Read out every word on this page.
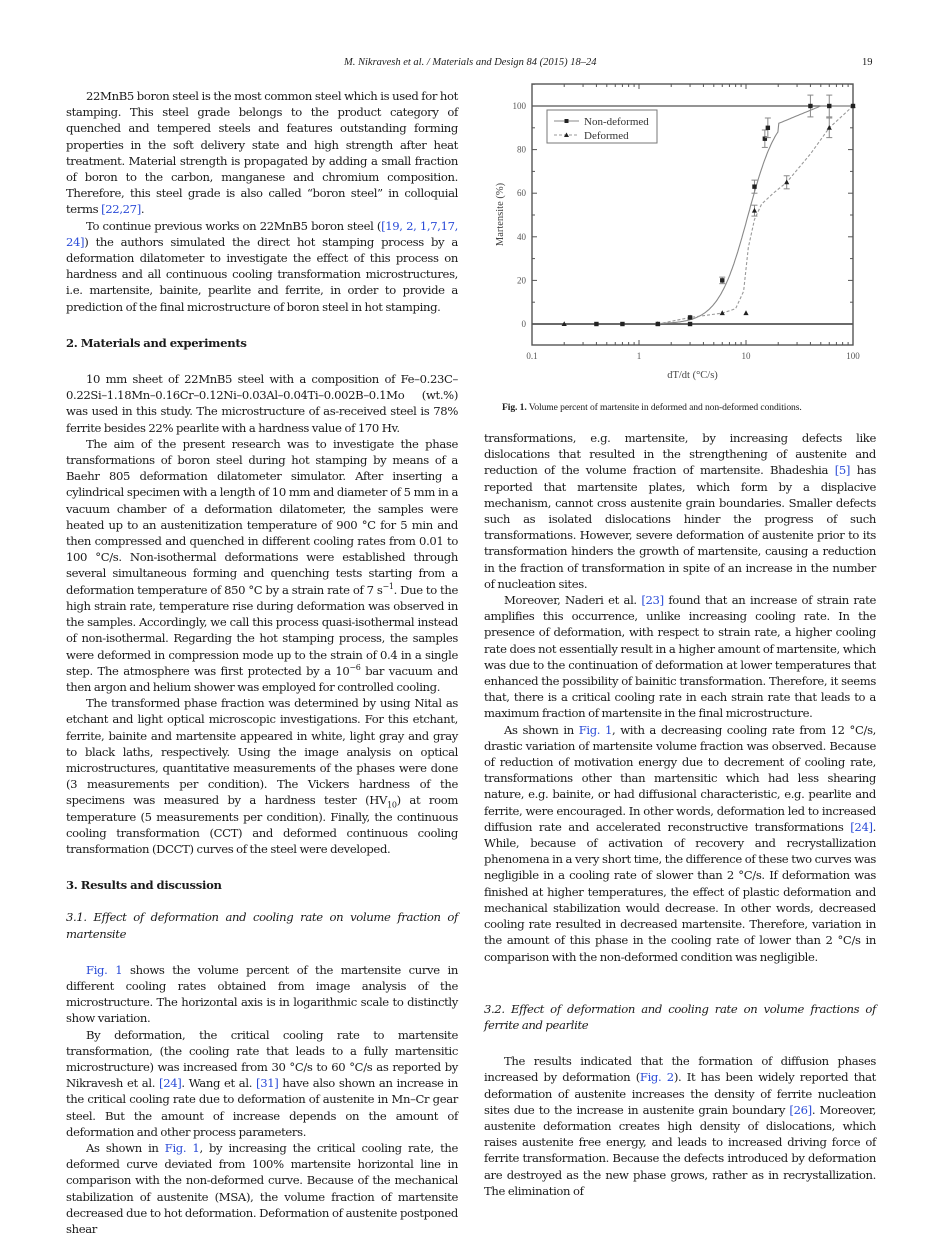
M. Nikravesh et al. / Materials and Design 84 (2015) 18–24	19

22MnB5 boron steel is the most common steel which is used for hot stamping. This steel grade belongs to the product category of quenched and tempered steels and features outstanding forming properties in the soft delivery state and high strength after heat treatment. Material strength is propagated by adding a small fraction of boron to the carbon, manganese and chromium composition. Therefore, this steel grade is also called “boron steel” in colloquial terms [22,27].

To continue previous works on 22MnB5 boron steel ([19, 2, 1,7,17, 24]) the authors simulated the direct hot stamping process by a deformation dilatometer to investigate the effect of this process on hardness and all continuous cooling transformation microstructures, i.e. martensite, bainite, pearlite and ferrite, in order to provide a prediction of the final microstructure of boron steel in hot stamping.

2. Materials and experiments

10 mm sheet of 22MnB5 steel with a composition of Fe–0.23C–0.22Si–1.18Mn–0.16Cr–0.12Ni–0.03Al–0.04Ti–0.002B–0.1Mo (wt.%) was used in this study. The microstructure of as-received steel is 78% ferrite besides 22% pearlite with a hardness value of 170 Hv.

The aim of the present research was to investigate the phase transformations of boron steel during hot stamping by means of a Baehr 805 deformation dilatometer simulator. After inserting a cylindrical specimen with a length of 10 mm and diameter of 5 mm in a vacuum chamber of a deformation dilatometer, the samples were heated up to an austenitization temperature of 900 °C for 5 min and then compressed and quenched in different cooling rates from 0.01 to 100 °C/s. Non-isothermal deformations were established through several simultaneous forming and quenching tests starting from a deformation temperature of 850 °C by a strain rate of 7 $s^{-1}$. Due to the high strain rate, temperature rise during deformation was observed in the samples. Accordingly, we call this process quasi-isothermal instead of non-isothermal. Regarding the hot stamping process, the samples were deformed in compression mode up to the strain of 0.4 in a single step. The atmosphere was first protected by a $10^{-6}$ bar vacuum and then argon and helium shower was employed for controlled cooling.

The transformed phase fraction was determined by using Nital as etchant and light optical microscopic investigations. For this etchant, ferrite, bainite and martensite appeared in white, light gray and gray to black laths, respectively. Using the image analysis on optical microstructures, quantitative measurements of the phases were done (3 measurements per condition). The Vickers hardness of the specimens was measured by a hardness tester $(HV_{10})$ at room temperature (5 measurements per condition). Finally, the continuous cooling transformation (CCT) and deformed continuous cooling transformation (DCCT) curves of the steel were developed.

3. Results and discussion
3.1. Effect of deformation and cooling rate on volume fraction of martensite

Fig. 1 shows the volume percent of the martensite curve in different cooling rates obtained from image analysis of the microstructure. The horizontal axis is in logarithmic scale to distinctly show variation.

By deformation, the critical cooling rate to martensite transformation, (the cooling rate that leads to a fully martensitic microstructure) was increased from 30 °C/s to 60 °C/s as reported by Nikravesh et al. [24]. Wang et al. [31] have also shown an increase in the critical cooling rate due to deformation of austenite in Mn–Cr gear steel. But the amount of increase depends on the amount of deformation and other process parameters.

As shown in Fig. 1, by increasing the critical cooling rate, the deformed curve deviated from 100% martensite horizontal line in comparison with the non-deformed curve. Because of the mechanical stabilization of austenite (MSA), the volume fraction of martensite decreased due to hot deformation. Deformation of austenite postponed shear

0
20
40
60
80
100
0.1	1	10	100
dT/dt (°C/s)
Martensite (%)
Non-deformed
Deformed
Fig. 1. Volume percent of martensite in deformed and non-deformed conditions.

transformations, e.g. martensite, by increasing defects like dislocations that resulted in the strengthening of austenite and reduction of the volume fraction of martensite. Bhadeshia [5] has reported that martensite plates, which form by a displacive mechanism, cannot cross austenite grain boundaries. Smaller defects such as isolated dislocations hinder the progress of such transformations. However, severe deformation of austenite prior to its transformation hinders the growth of martensite, causing a reduction in the fraction of transformation in spite of an increase in the number of nucleation sites.

Moreover, Naderi et al. [23] found that an increase of strain rate amplifies this occurrence, unlike increasing cooling rate. In the presence of deformation, with respect to strain rate, a higher cooling rate does not essentially result in a higher amount of martensite, which was due to the continuation of deformation at lower temperatures that enhanced the possibility of bainitic transformation. Therefore, it seems that, there is a critical cooling rate in each strain rate that leads to a maximum fraction of martensite in the final microstructure.

As shown in Fig. 1, with a decreasing cooling rate from 12 °C/s, drastic variation of martensite volume fraction was observed. Because of reduction of motivation energy due to decrement of cooling rate, transformations other than martensitic which had less shearing nature, e.g. bainite, or had diffusional characteristic, e.g. pearlite and ferrite, were encouraged. In other words, deformation led to increased diffusion rate and accelerated reconstructive transformations [24]. While, because of activation of recovery and recrystallization phenomena in a very short time, the difference of these two curves was negligible in a cooling rate of slower than 2 °C/s. If deformation was finished at higher temperatures, the effect of plastic deformation and mechanical stabilization would decrease. In other words, decreased cooling rate resulted in decreased martensite. Therefore, variation in the amount of this phase in the cooling rate of lower than 2 °C/s in comparison with the non-deformed condition was negligible.

3.2. Effect of deformation and cooling rate on volume fractions of ferrite and pearlite

The results indicated that the formation of diffusion phases increased by deformation (Fig. 2). It has been widely reported that deformation of austenite increases the density of ferrite nucleation sites due to the increase in austenite grain boundary [26]. Moreover, austenite deformation creates high density of dislocations, which raises austenite free energy, and leads to increased driving force of ferrite transformation. Because the defects introduced by deformation are destroyed as the new phase grows, rather as in recrystallization. The elimination of
